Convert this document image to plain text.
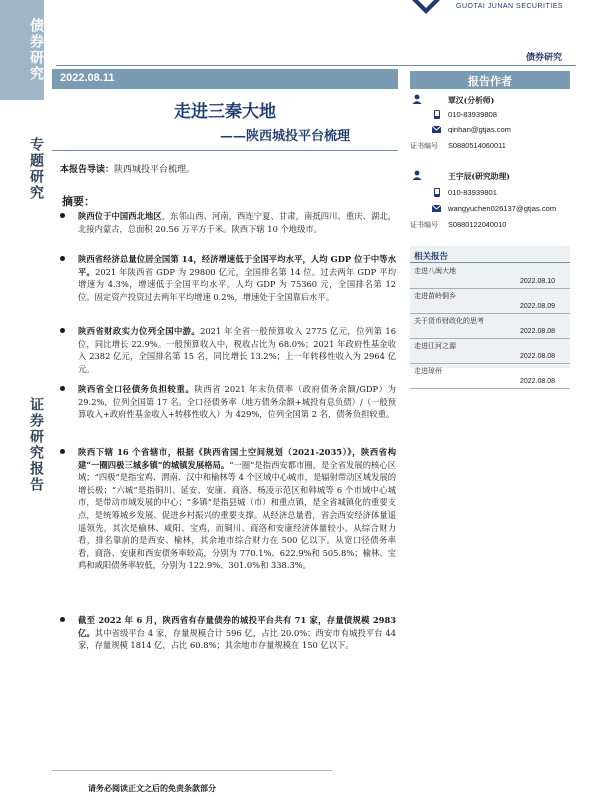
债券研究
专题研究
证券研究报告
GUOTAI JUNAN SECURITIES
债券研究
2022.08.11
走进三秦大地
——陕西城投平台梳理
本报告导读：陕西城投平台梳理。
摘要：
陕西位于中国西北地区，东邻山西、河南，西连宁夏、甘肃，南抵四川、重庆、湖北，北接内蒙古，总面积 20.56 万平方千米。陕西下辖 10 个地级市。
陕西省经济总量位居全国第 14，经济增速低于全国平均水平，人均 GDP 位于中等水平。2021 年陕西省 GDP 为 29800 亿元，全国排名第 14 位。过去两年 GDP 平均增速为 4.3%，增速低于全国平均水平。人均 GDP 为 75360 元，全国排名第 12 位。固定资产投资过去两年平均增速 0.2%，增速处于全国靠后水平。
陕西省财政实力位列全国中游。2021 年全省一般预算收入 2775 亿元，位列第 16 位，同比增长 22.9%。一般预算收入中，税收占比为 68.0%；2021 年政府性基金收入 2382 亿元，全国排名第 15 名，同比增长 13.2%；上一年转移性收入为 2964 亿元。
陕西省全口径债务负担较重。陕西省 2021 年末负债率（政府债务余额/GDP）为 29.2%，位列全国第 17 名。全口径债务率（地方债务余额+城投有息负债）/（一般预算收入+政府性基金收入+转移性收入）为 429%，位列全国第 2 名，债务负担较重。
陕西下辖 16 个省辖市，根据《陕西省国土空间规划（2021-2035）》，陕西省构建“一圈四极三城多镇”的城镇发展格局。“一圈”是指西安都市圈，是全省发展的核心区域；“四极”是指宝鸡、渭南、汉中和榆林等 4 个区域中心城市，是辐射带动区域发展的增长极；“六城”是指铜川、延安、安康、商洛、杨凌示范区和韩城等 6 个市域中心城市，是带动市域发展的中心；“多镇”是指县城（市）和重点镇，是全省城镇化的重要支点，是统筹城乡发展、促进乡村振兴的重要支撑。从经济总量看，省会西安经济体量遥遥领先，其次是榆林、咸阳、宝鸡，而铜川、商洛和安康经济体量较小。从综合财力看，排名靠前的是西安、榆林，其余地市综合财力在 500 亿以下。从宽口径债务率看，商洛、安康和西安债务率较高，分别为 770.1%、622.9%和 505.8%；榆林、宝鸡和咸阳债务率较低，分别为 122.9%、301.0%和 338.3%。
截至 2022 年 6 月，陕西省有存量债券的城投平台共有 71 家，存量债规模 2983 亿。其中省级平台 4 家，存量规模合计 596 亿，占比 20.0%；西安市有城投平台 44 家，存量规模 1814 亿，占比 60.8%；其余地市存量规模在 150 亿以下。
报告作者
覃汉(分析师)
010-83939808
qinhan@gtjas.com
证书编号 S0880514060011
王宇辰(研究助理)
010-83939801
wangyuchen026137@gtjas.com
证书编号 S0880122040010
相关报告
走进八闽大地
2022.08.10
走进苗岭侗乡
2022.08.09
关于货币财政化的思考
2022.08.08
走进江河之源
2022.08.08
走进琼州
2022.08.08
请务必阅读正文之后的免责条款部分
